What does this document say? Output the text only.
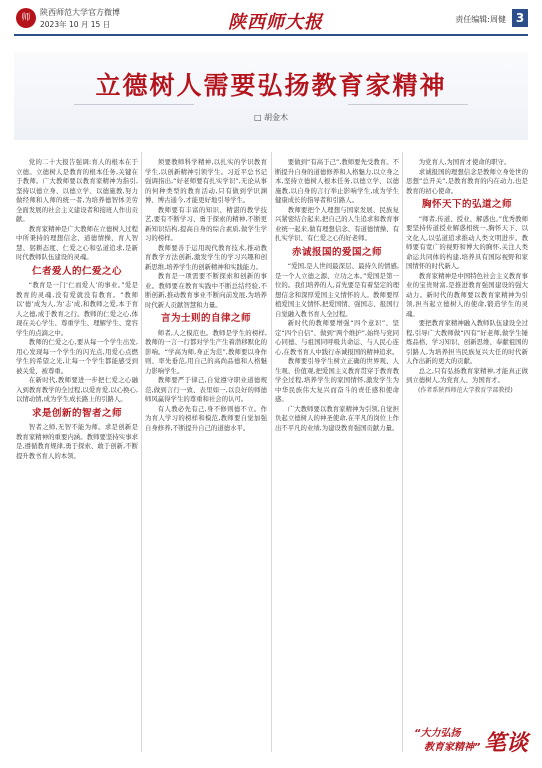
师
陕西师范大学官方微博
2023年 10 月 15 日	陕西师大报	责任编辑:周健 3
立德树人需要弘扬教育家精神
□ 胡金木

党的二十大报告强调:育人的根本在于立德。立德树人是教育的根本任务,关键在于教师。广大教师要以教育家精神为指引,坚持以德立身、以德立学、以德施教,努力做经师和人师的统一者,为培养德智体美劳全面发展的社会主义建设者和接班人作出贡献。

教育家精神是广大教师在立德树人过程中所秉持的理想信念、道德情操、育人智慧、躬耕态度、仁爱之心和弘道追求,是新时代教师队伍建设的灵魂。

仁者爱人的仁爱之心

“教育是一门‘仁而爱人’的事业。”爱是教育的灵魂,没有爱就没有教育。“教师以‘德’成为人,为‘志’成,和教师之爱,本于育人之德,成于教育之行。教师的仁爱之心,体现在关心学生、尊重学生、理解学生、宽容学生的点滴之中。

教师的仁爱之心,要从每一个学生出发,用心发现每一个学生的闪光点,用爱心点燃学生的希望之光,让每一个学生都能感受到被关爱、被尊重。

在新时代,教师要进一步把仁爱之心融入到教育教学的全过程,以爱育爱,以心换心,以情动情,成为学生成长路上的引路人。

求是创新的智者之师

智者之师,无智不能为师。求是创新是教育家精神的重要内涵。教师要坚持实事求是,遵循教育规律,勇于探索、敢于创新,不断提升教书育人的本领。

须要教师科学精神,以扎实的学识教育学生,以创新精神引领学生。习近平总书记强调指出,“好老师要有扎实学识”,无论从事的何种类型的教育活动,只有做到学识渊博、博古通今,才能更好地引导学生。

教师要有丰富的知识、精湛的教学技艺,要有不断学习、勇于探索的精神,不断更新知识结构,提高自身的综合素质,做学生学习的榜样。

教师要善于运用现代教育技术,推动教育教学方法创新,激发学生的学习兴趣和创新思维,培养学生的创新精神和实践能力。

教育是一项需要不断探索和创新的事业。教师要在教育实践中不断总结经验,不断创新,推动教育事业不断向前发展,为培养时代新人贡献智慧和力量。

言为士则的自律之师

师者,人之模范也。教师是学生的榜样,教师的一言一行都对学生产生着潜移默化的影响。“学高为师,身正为范”,教师要以身作则、率先垂范,用自己的高尚品德和人格魅力影响学生。

教师要严于律己,自觉遵守职业道德规范,做到言行一致、表里如一,以良好的师德师风赢得学生的尊重和社会的认可。

有人教必先有己,身不修则德不立。作为育人学习的榜样和模范,教师要自觉加强自身修养,不断提升自己的道德水平。

要做到“有高于己”,教师要先受教育。不断提升自身的道德修养和人格魅力,以立身之本,坚持立德树人根本任务,以德立学、以德施教,以自身的言行举止影响学生,成为学生健康成长的指导者和引路人。

教师要把个人理想与国家发展、民族复兴紧密结合起来,把自己的人生追求和教育事业统一起来,做有理想信念、有道德情操、有扎实学识、有仁爱之心的好老师。

赤诚报国的爱国之师

“爱国,是人世间最深层、最持久的情感,是一个人立德之源、立功之本。”爱国是第一位的。我们培养的人,首先要是有着坚定的理想信念和深厚爱国主义情怀的人。教师要厚植爱国主义情怀,把爱国情、强国志、报国行自觉融入教书育人全过程。

新时代的教师要增强“四个意识”、坚定“四个自信”、做到“两个维护”,始终与党同心同德、与祖国同呼吸共命运、与人民心连心,在教书育人中践行赤诚报国的精神追求。

教师要引导学生树立正确的世界观、人生观、价值观,把爱国主义教育贯穿于教育教学全过程,培养学生的家国情怀,激发学生为中华民族伟大复兴而奋斗的责任感和使命感。

广大教师要以教育家精神为引领,自觉担负起立德树人的神圣使命,在平凡的岗位上作出不平凡的业绩,为建设教育强国贡献力量。

为党育人,为国育才使命的职守。

求诚报国的理想信念是教师立身处世的思想“总开关”,是教育教育的内在动力,也是教育的初心使命。

胸怀天下的弘道之师

“师者,传道、授业、解惑也。”优秀教师要坚持传道授业解惑相统一,胸怀天下、以文化人,以弘道追求推动人类文明进步。教师要有宽广的视野和博大的胸怀,关注人类命运共同体的构建,培养具有国际视野和家国情怀的时代新人。

教育家精神是中国特色社会主义教育事业的宝贵财富,是推进教育强国建设的强大动力。新时代的教师要以教育家精神为引领,担当起立德树人的使命,锻造学生的灵魂。

要把教育家精神融入教师队伍建设全过程,引导广大教师做“四有”好老师,做学生锤炼品格、学习知识、创新思维、奉献祖国的引路人,为培养担当民族复兴大任的时代新人作出新的更大的贡献。

总之,只有弘扬教育家精神,才能真正做到立德树人,为党育人、为国育才。

(作者系陕西师范大学教育学部教授)

“大力弘扬
教育家精神” 笔谈
